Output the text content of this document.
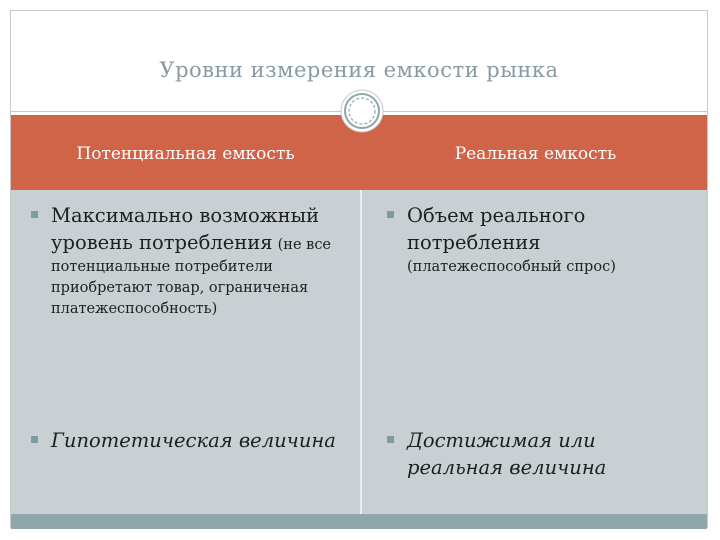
Уровни измерения емкости рынка
Потенциальная емкость	Реальная емкость
Максимально возможный уровень потребления (не все потенциальные потребители приобретают товар, ограниченая платежеспособность)
Гипотетическая величина
Объем реального потребления
(платежеспособный спрос)
Достижимая или реальная величина
